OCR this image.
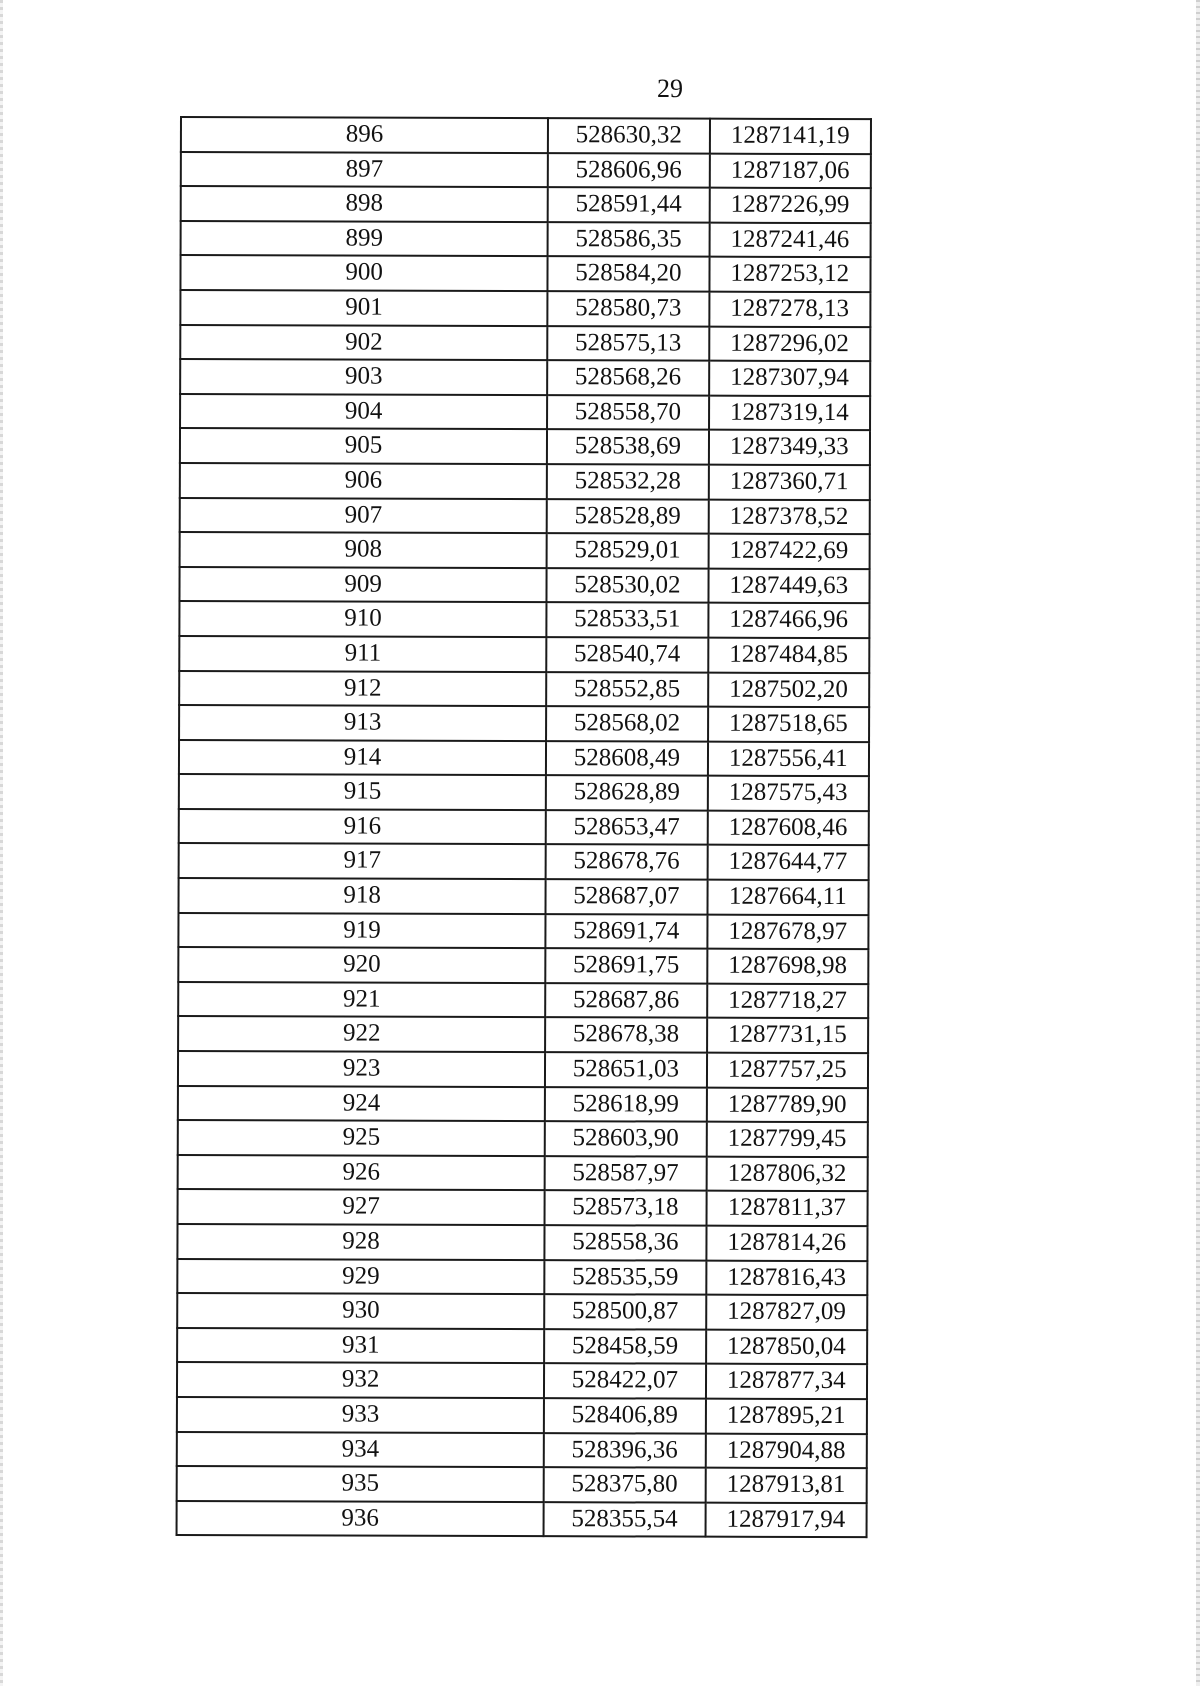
29
896	528630,32	1287141,19

897	528606,96	1287187,06

898	528591,44	1287226,99

899	528586,35	1287241,46

900	528584,20	1287253,12

901	528580,73	1287278,13

902	528575,13	1287296,02

903	528568,26	1287307,94

904	528558,70	1287319,14

905	528538,69	1287349,33

906	528532,28	1287360,71

907	528528,89	1287378,52

908	528529,01	1287422,69

909	528530,02	1287449,63

910	528533,51	1287466,96

911	528540,74	1287484,85

912	528552,85	1287502,20

913	528568,02	1287518,65

914	528608,49	1287556,41

915	528628,89	1287575,43

916	528653,47	1287608,46

917	528678,76	1287644,77

918	528687,07	1287664,11

919	528691,74	1287678,97

920	528691,75	1287698,98

921	528687,86	1287718,27

922	528678,38	1287731,15

923	528651,03	1287757,25

924	528618,99	1287789,90

925	528603,90	1287799,45

926	528587,97	1287806,32

927	528573,18	1287811,37

928	528558,36	1287814,26

929	528535,59	1287816,43

930	528500,87	1287827,09

931	528458,59	1287850,04

932	528422,07	1287877,34

933	528406,89	1287895,21

934	528396,36	1287904,88

935	528375,80	1287913,81

936	528355,54	1287917,94
